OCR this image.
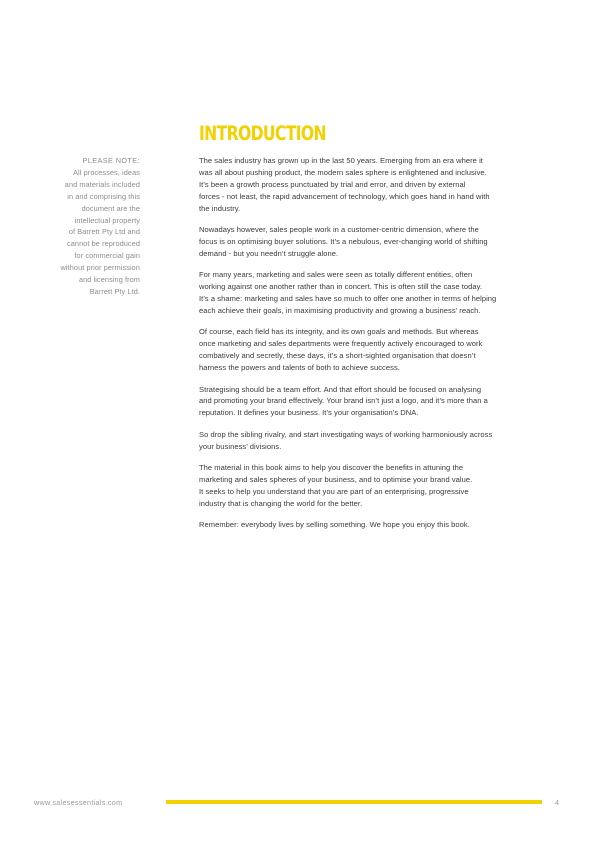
INTRODUCTION
PLEASE NOTE:
All processes, ideas
and materials included
in and comprising this
document are the
intellectual property
of Barrett Pty Ltd and
cannot be reproduced
for commercial gain
without prior permission
and licensing from
Barrett Pty Ltd.

The sales industry has grown up in the last 50 years. Emerging from an era where it
was all about pushing product, the modern sales sphere is enlightened and inclusive.
It’s been a growth process punctuated by trial and error, and driven by external
forces - not least, the rapid advancement of technology, which goes hand in hand with
the industry.

Nowadays however, sales people work in a customer-centric dimension, where the
focus is on optimising buyer solutions. It’s a nebulous, ever-changing world of shifting
demand - but you needn’t struggle alone.

For many years, marketing and sales were seen as totally different entities, often
working against one another rather than in concert. This is often still the case today.
It’s a shame: marketing and sales have so much to offer one another in terms of helping
each achieve their goals, in maximising productivity and growing a business’ reach.

Of course, each field has its integrity, and its own goals and methods. But whereas
once marketing and sales departments were frequently actively encouraged to work
combatively and secretly, these days, it’s a short-sighted organisation that doesn’t
harness the powers and talents of both to achieve success.

Strategising should be a team effort. And that effort should be focused on analysing
and promoting your brand effectively. Your brand isn’t just a logo, and it’s more than a
reputation. It defines your business. It’s your organisation’s DNA.

So drop the sibling rivalry, and start investigating ways of working harmoniously across
your business’ divisions.

The material in this book aims to help you discover the benefits in attuning the
marketing and sales spheres of your business, and to optimise your brand value.
It seeks to help you understand that you are part of an enterprising, progressive
industry that is changing the world for the better.

Remember: everybody lives by selling something. We hope you enjoy this book.

www.salesessentials.com	4
